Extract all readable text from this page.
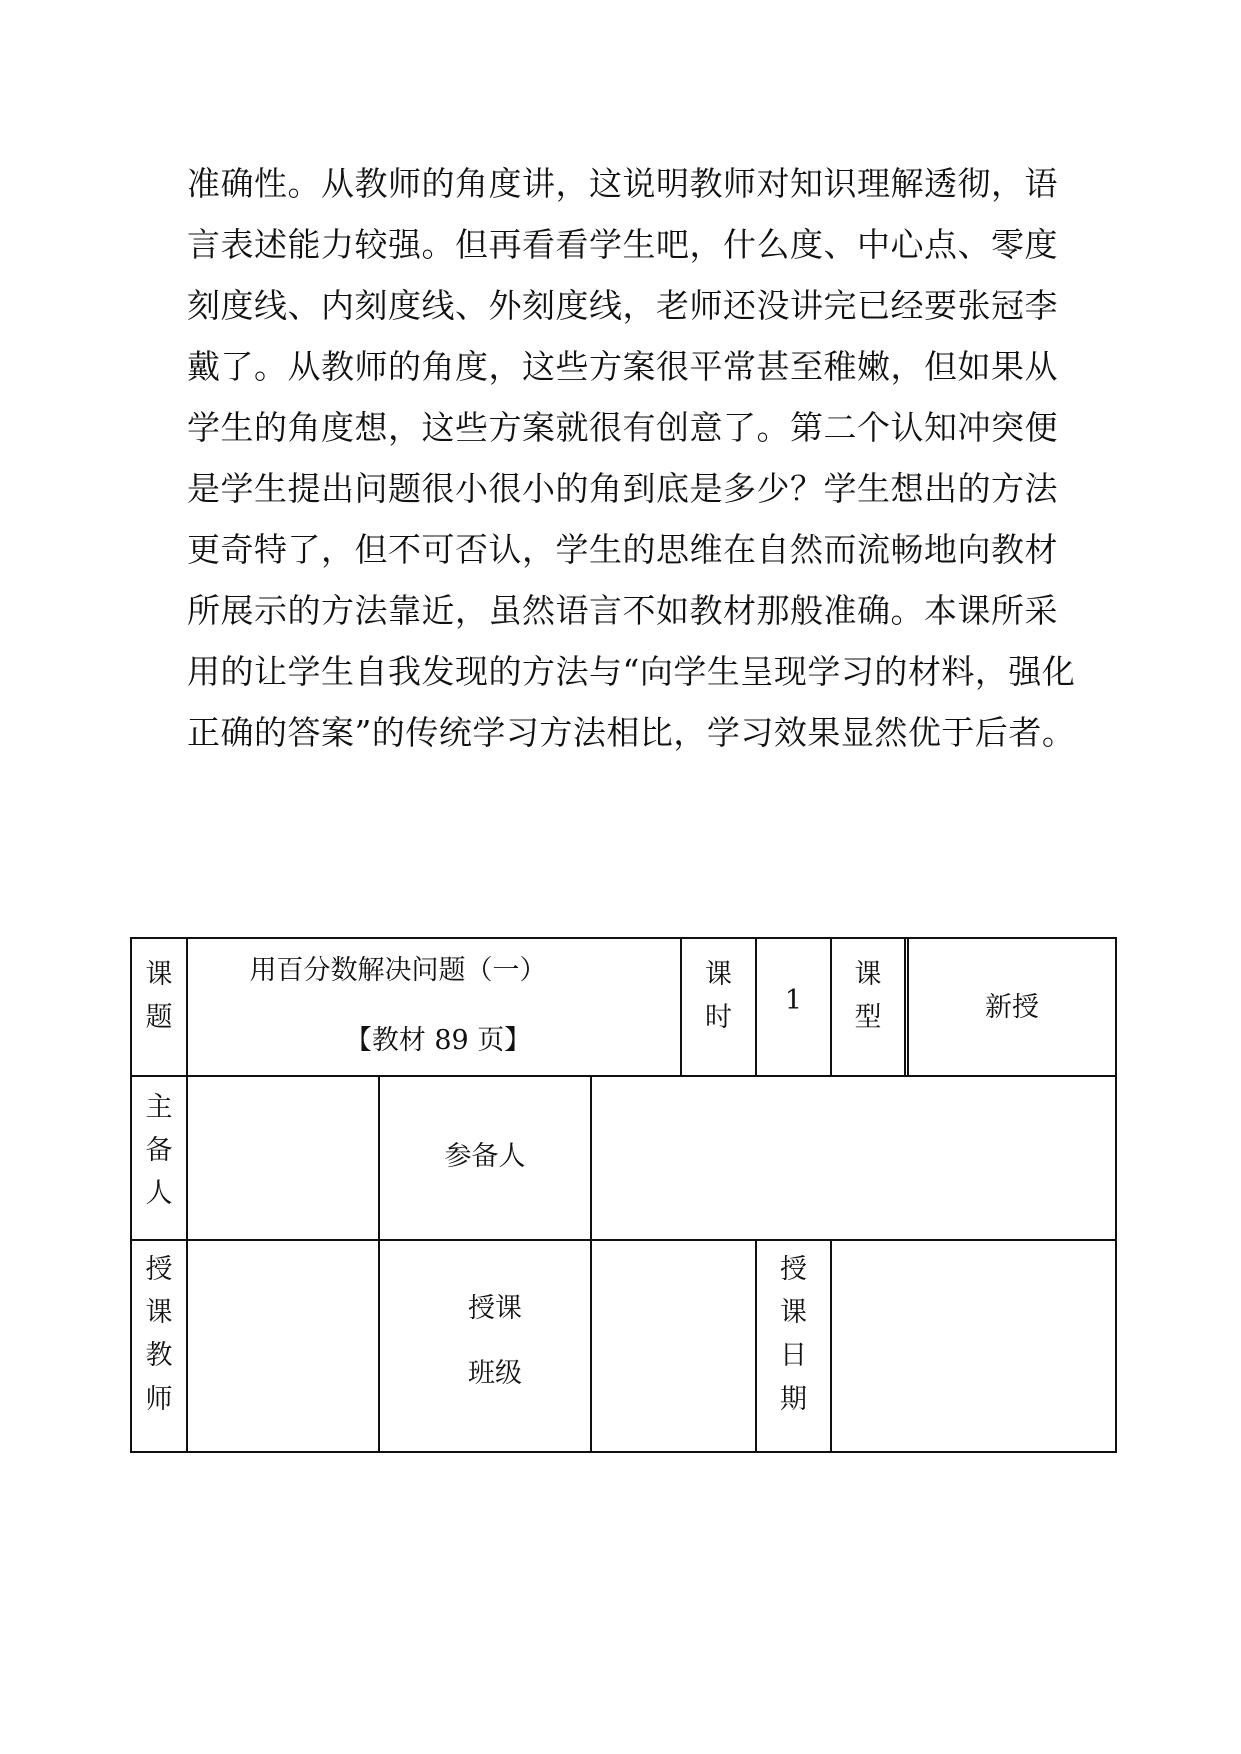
准确性。从教师的角度讲，这说明教师对知识理解透彻，语
言表述能力较强。但再看看学生吧，什么度、中心点、零度
刻度线、内刻度线、外刻度线，老师还没讲完已经要张冠李
戴了。从教师的角度，这些方案很平常甚至稚嫩，但如果从
学生的角度想，这些方案就很有创意了。第二个认知冲突便
是学生提出问题很小很小的角到底是多少？学生想出的方法
更奇特了，但不可否认，学生的思维在自然而流畅地向教材
所展示的方法靠近，虽然语言不如教材那般准确。本课所采
用的让学生自我发现的方法与“向学生呈现学习的材料，强化
正确的答案”的传统学习方法相比，学习效果显然优于后者。
课
题
用百分数解决问题（一）
【教材 89 页】
课
时
1
课
型	新授
主
备
人
参备人
授
课
教
师
授课
班级
授
课
日
期
